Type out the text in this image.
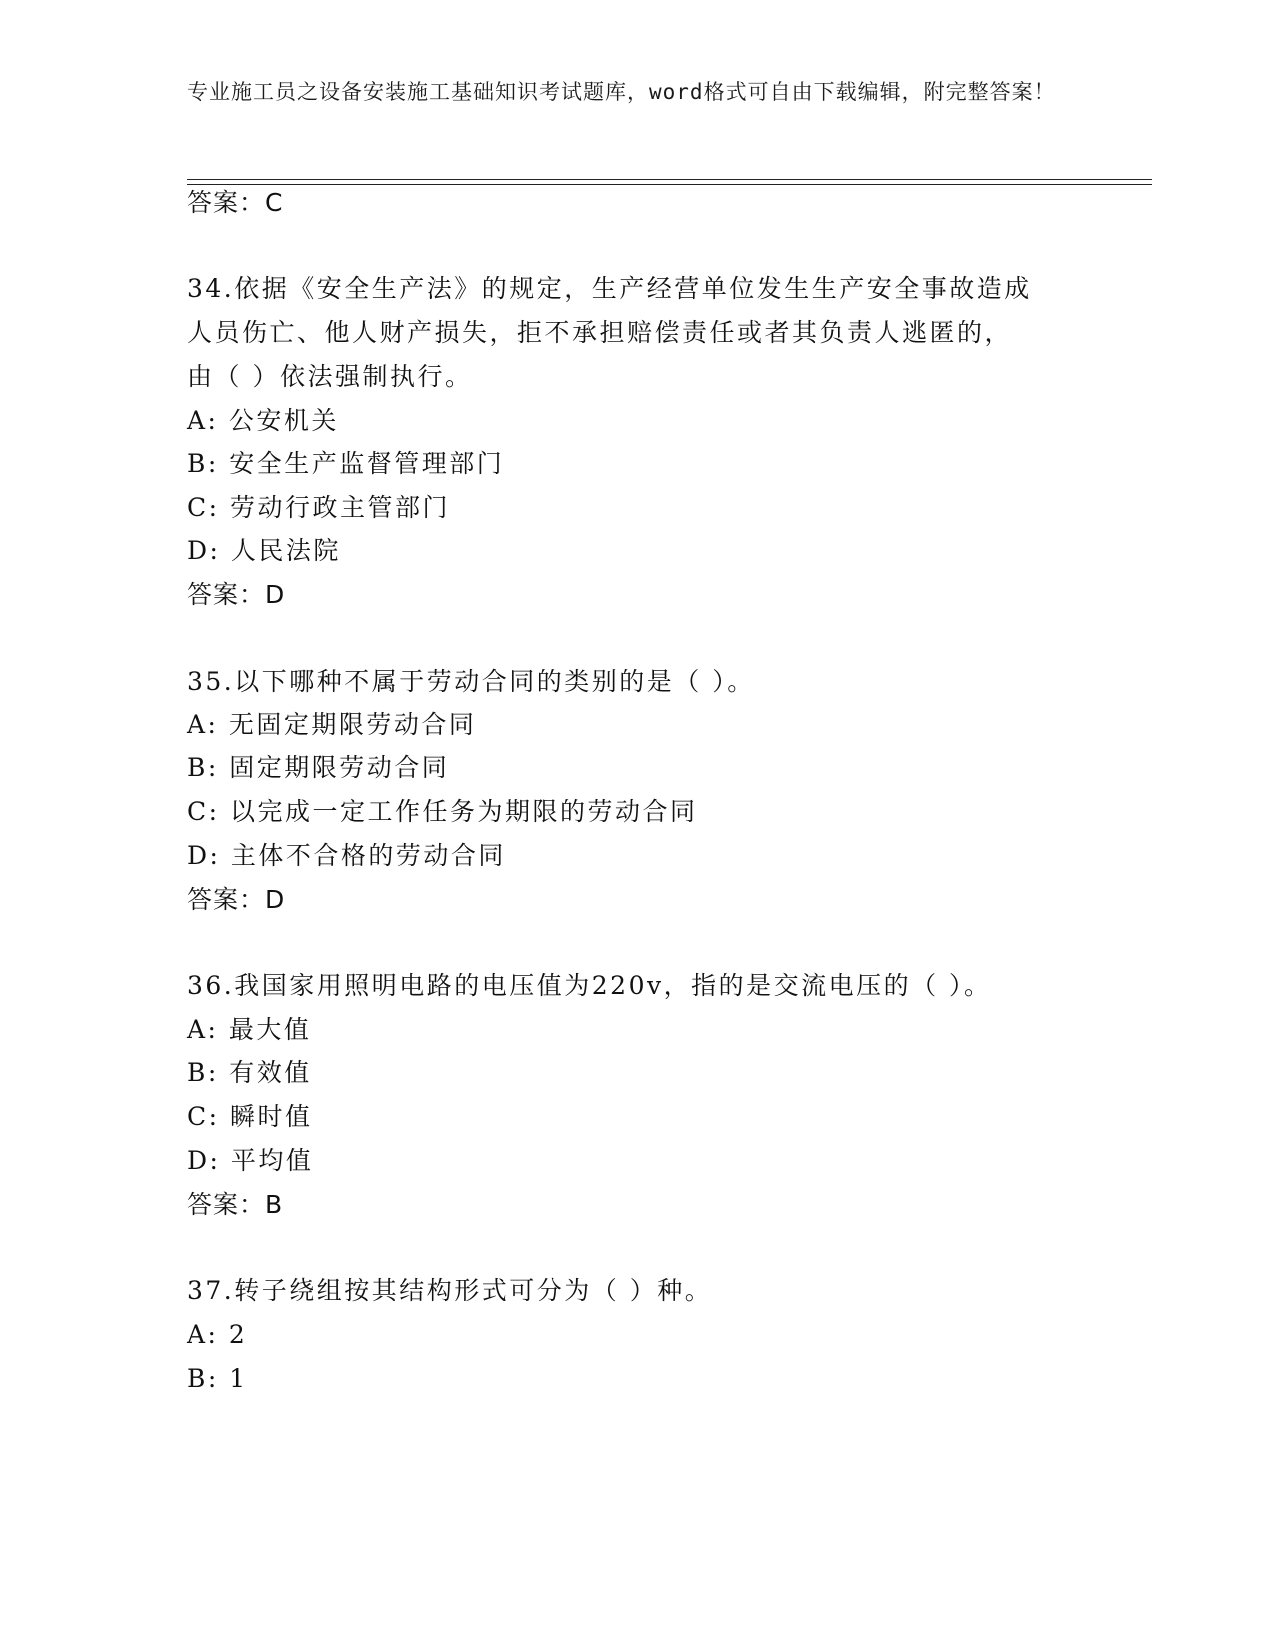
专业施工员之设备安装施工基础知识考试题库，word格式可自由下载编辑，附完整答案！
答案：C
34.依据《安全生产法》的规定，生产经营单位发生生产安全事故造成
人员伤亡、他人财产损失，拒不承担赔偿责任或者其负责人逃匿的，
由（ ）依法强制执行。
A: 公安机关
B: 安全生产监督管理部门
C: 劳动行政主管部门
D: 人民法院
答案：D
35.以下哪种不属于劳动合同的类别的是（ ）。
A: 无固定期限劳动合同
B: 固定期限劳动合同
C: 以完成一定工作任务为期限的劳动合同
D: 主体不合格的劳动合同
答案：D
36.我国家用照明电路的电压值为220v，指的是交流电压的（ ）。
A: 最大值
B: 有效值
C: 瞬时值
D: 平均值
答案：B
37.转子绕组按其结构形式可分为（ ）种。
A: 2
B: 1
